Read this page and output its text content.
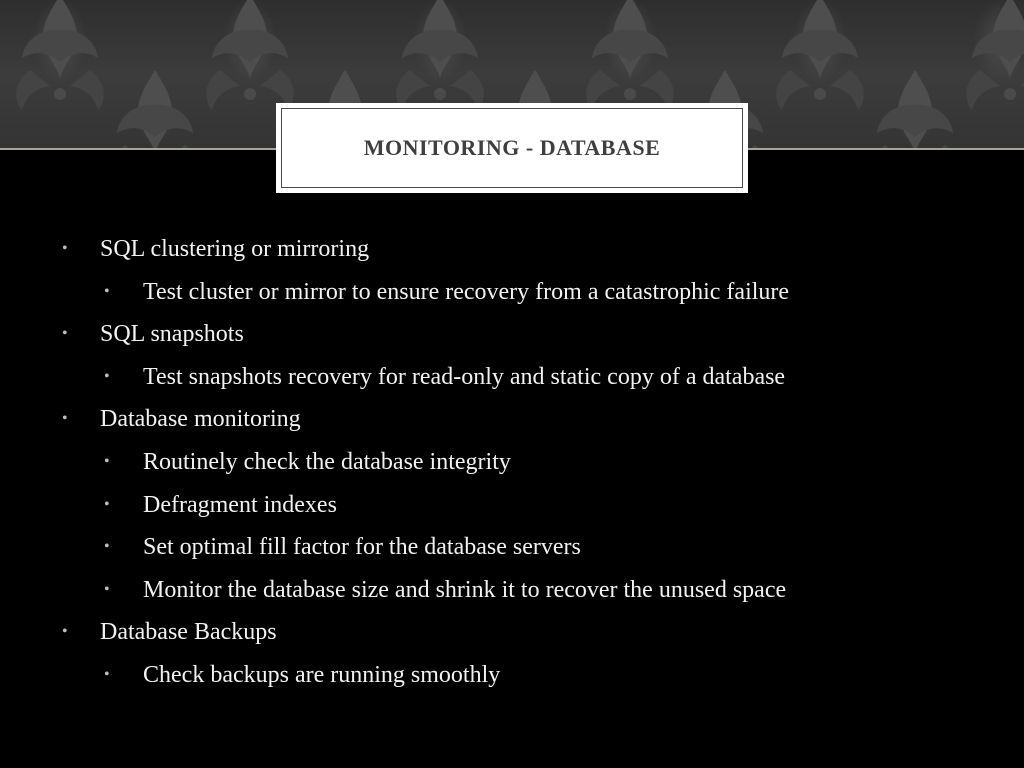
MONITORING - DATABASE
• SQL clustering or mirroring
• Test cluster or mirror to ensure recovery from a catastrophic failure
• SQL snapshots
• Test snapshots recovery for read-only and static copy of a database
• Database monitoring
• Routinely check the database integrity
• Defragment indexes
• Set optimal fill factor for the database servers
• Monitor the database size and shrink it to recover the unused space
• Database Backups
• Check backups are running smoothly
